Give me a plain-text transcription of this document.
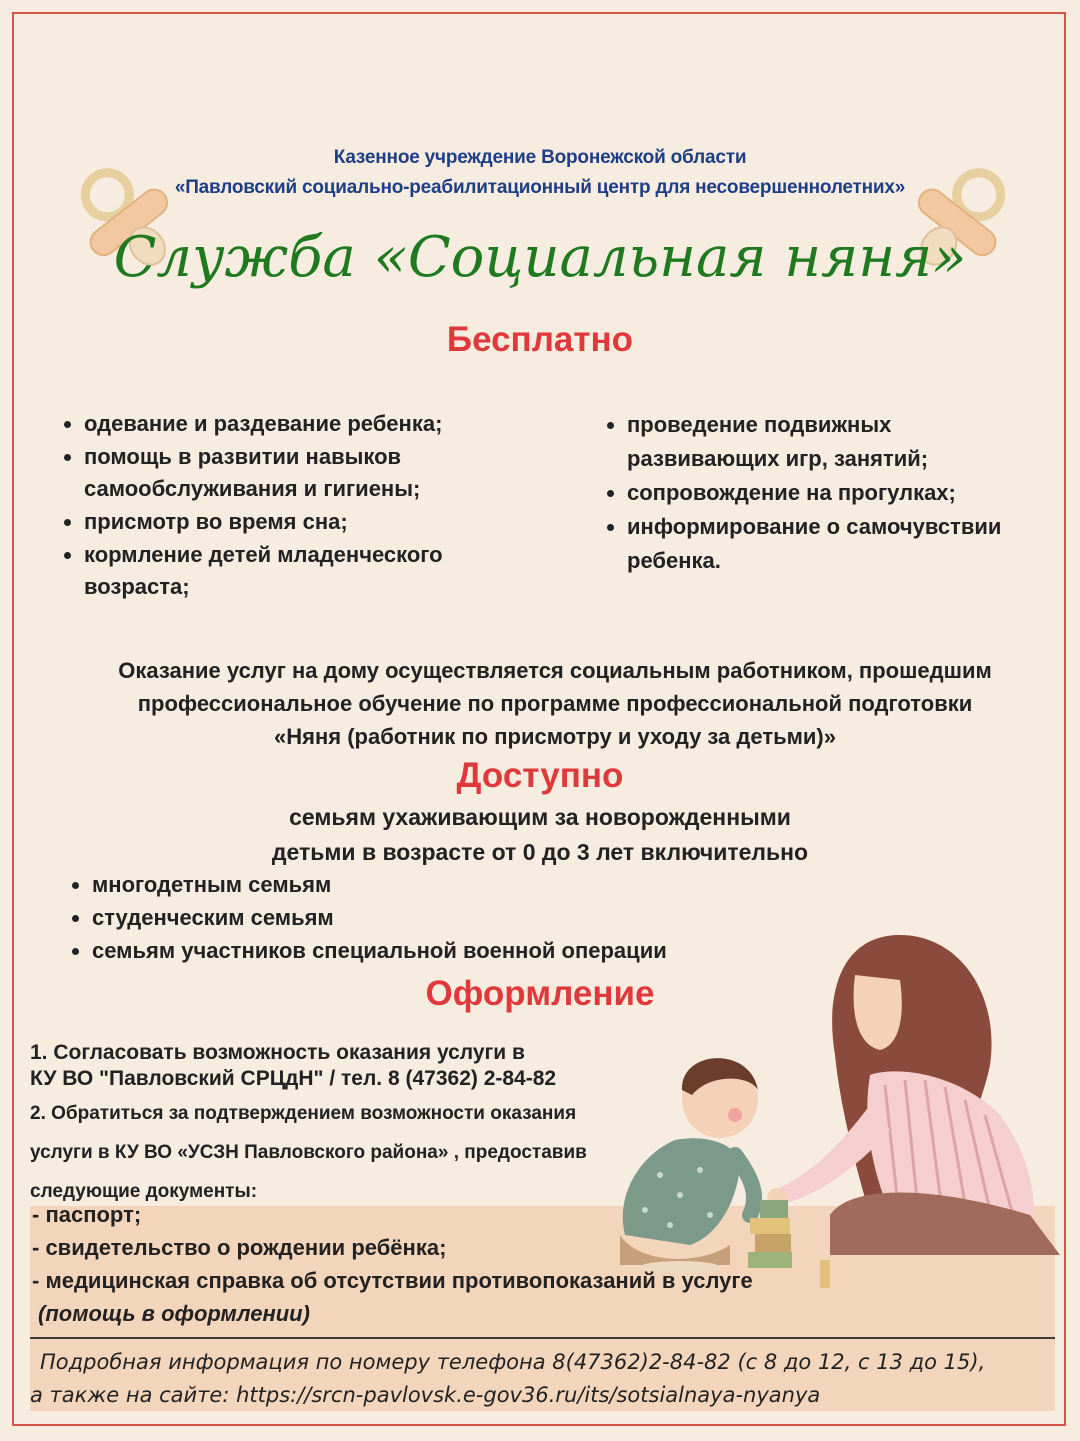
Казенное учреждение Воронежской области
«Павловский социально-реабилитационный центр для несовершеннолетних»
Служба «Социальная няня»
Бесплатно
одевание и раздевание ребенка;
помощь в развитии навыков самообслуживания и гигиены;
присмотр во время сна;
кормление детей младенческого возраста;
проведение подвижных развивающих игр, занятий;
сопровождение на прогулках;
информирование о самочувствии ребенка.
Оказание услуг на дому осуществляется социальным работником, прошедшим
профессиональное обучение по программе профессиональной подготовки
«Няня (работник по присмотру и уходу за детьми)»
Доступно
семьям ухаживающим за новорожденными
детьми в возрасте от 0 до 3 лет включительно
многодетным семьям
студенческим семьям
семьям участников специальной военной операции
Оформление
1. Согласовать возможность оказания услуги в
КУ ВО "Павловский СРЦдН" / тел. 8 (47362) 2-84-82
2. Обратиться за подтверждением возможности оказания
услуги в КУ ВО «УСЗН Павловского района» , предоставив
следующие документы:
- паспорт;
- свидетельство о рождении ребёнка;
- медицинская справка об отсутствии противопоказаний в услуге
(помощь в оформлении)
Подробная информация по номеру телефона 8(47362)2-84-82 (с 8 до 12, с 13 до 15),
а также на сайте: https://srcn-pavlovsk.e-gov36.ru/its/sotsialnaya-nyanya
